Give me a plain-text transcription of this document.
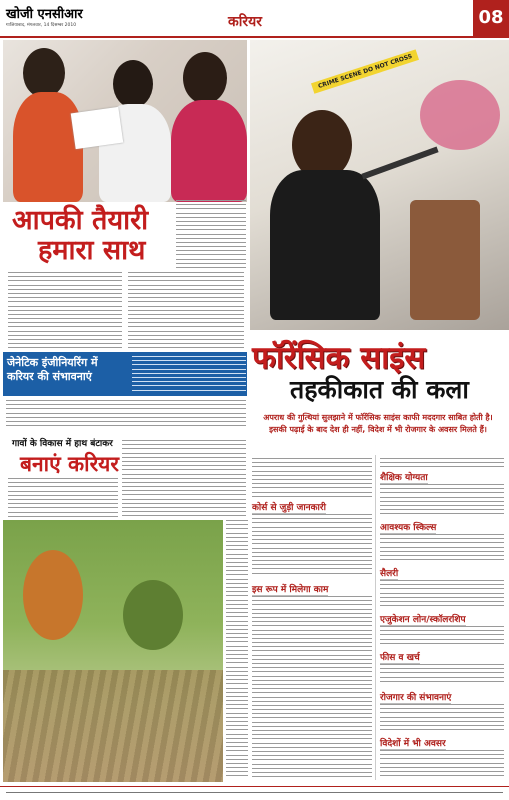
खोजी एनसीआर
गाजियाबाद, मंगलवार, 14 दिसम्बर 2010	करियर	08
CRIME SCENE DO NOT CROSS
आपकी तैयारी
हमारा साथ
जेनेटिक इंजीनियरिंग में
करियर की संभावनाएं
गावों के विकास में हाथ बंटाकर
बनाएं करियर
फॉरेंसिक साइंस
तहकीकात की कला
अपराध की गुत्थियां सुलझाने में फॉरेंसिक साइंस काफी मददगार साबित होती है। इसकी पढ़ाई के बाद देश ही नहीं, विदेश में भी रोजगार के अवसर मिलते हैं।
कोर्स से जुड़ी जानकारी
इस रूप में मिलेगा काम
शैक्षिक योग्यता
आवश्यक स्किल्स
सैलरी
एजुकेशन लोन/स्कॉलरशिप
फीस व खर्च
रोजगार की संभावनाएं
विदेशों में भी अवसर
